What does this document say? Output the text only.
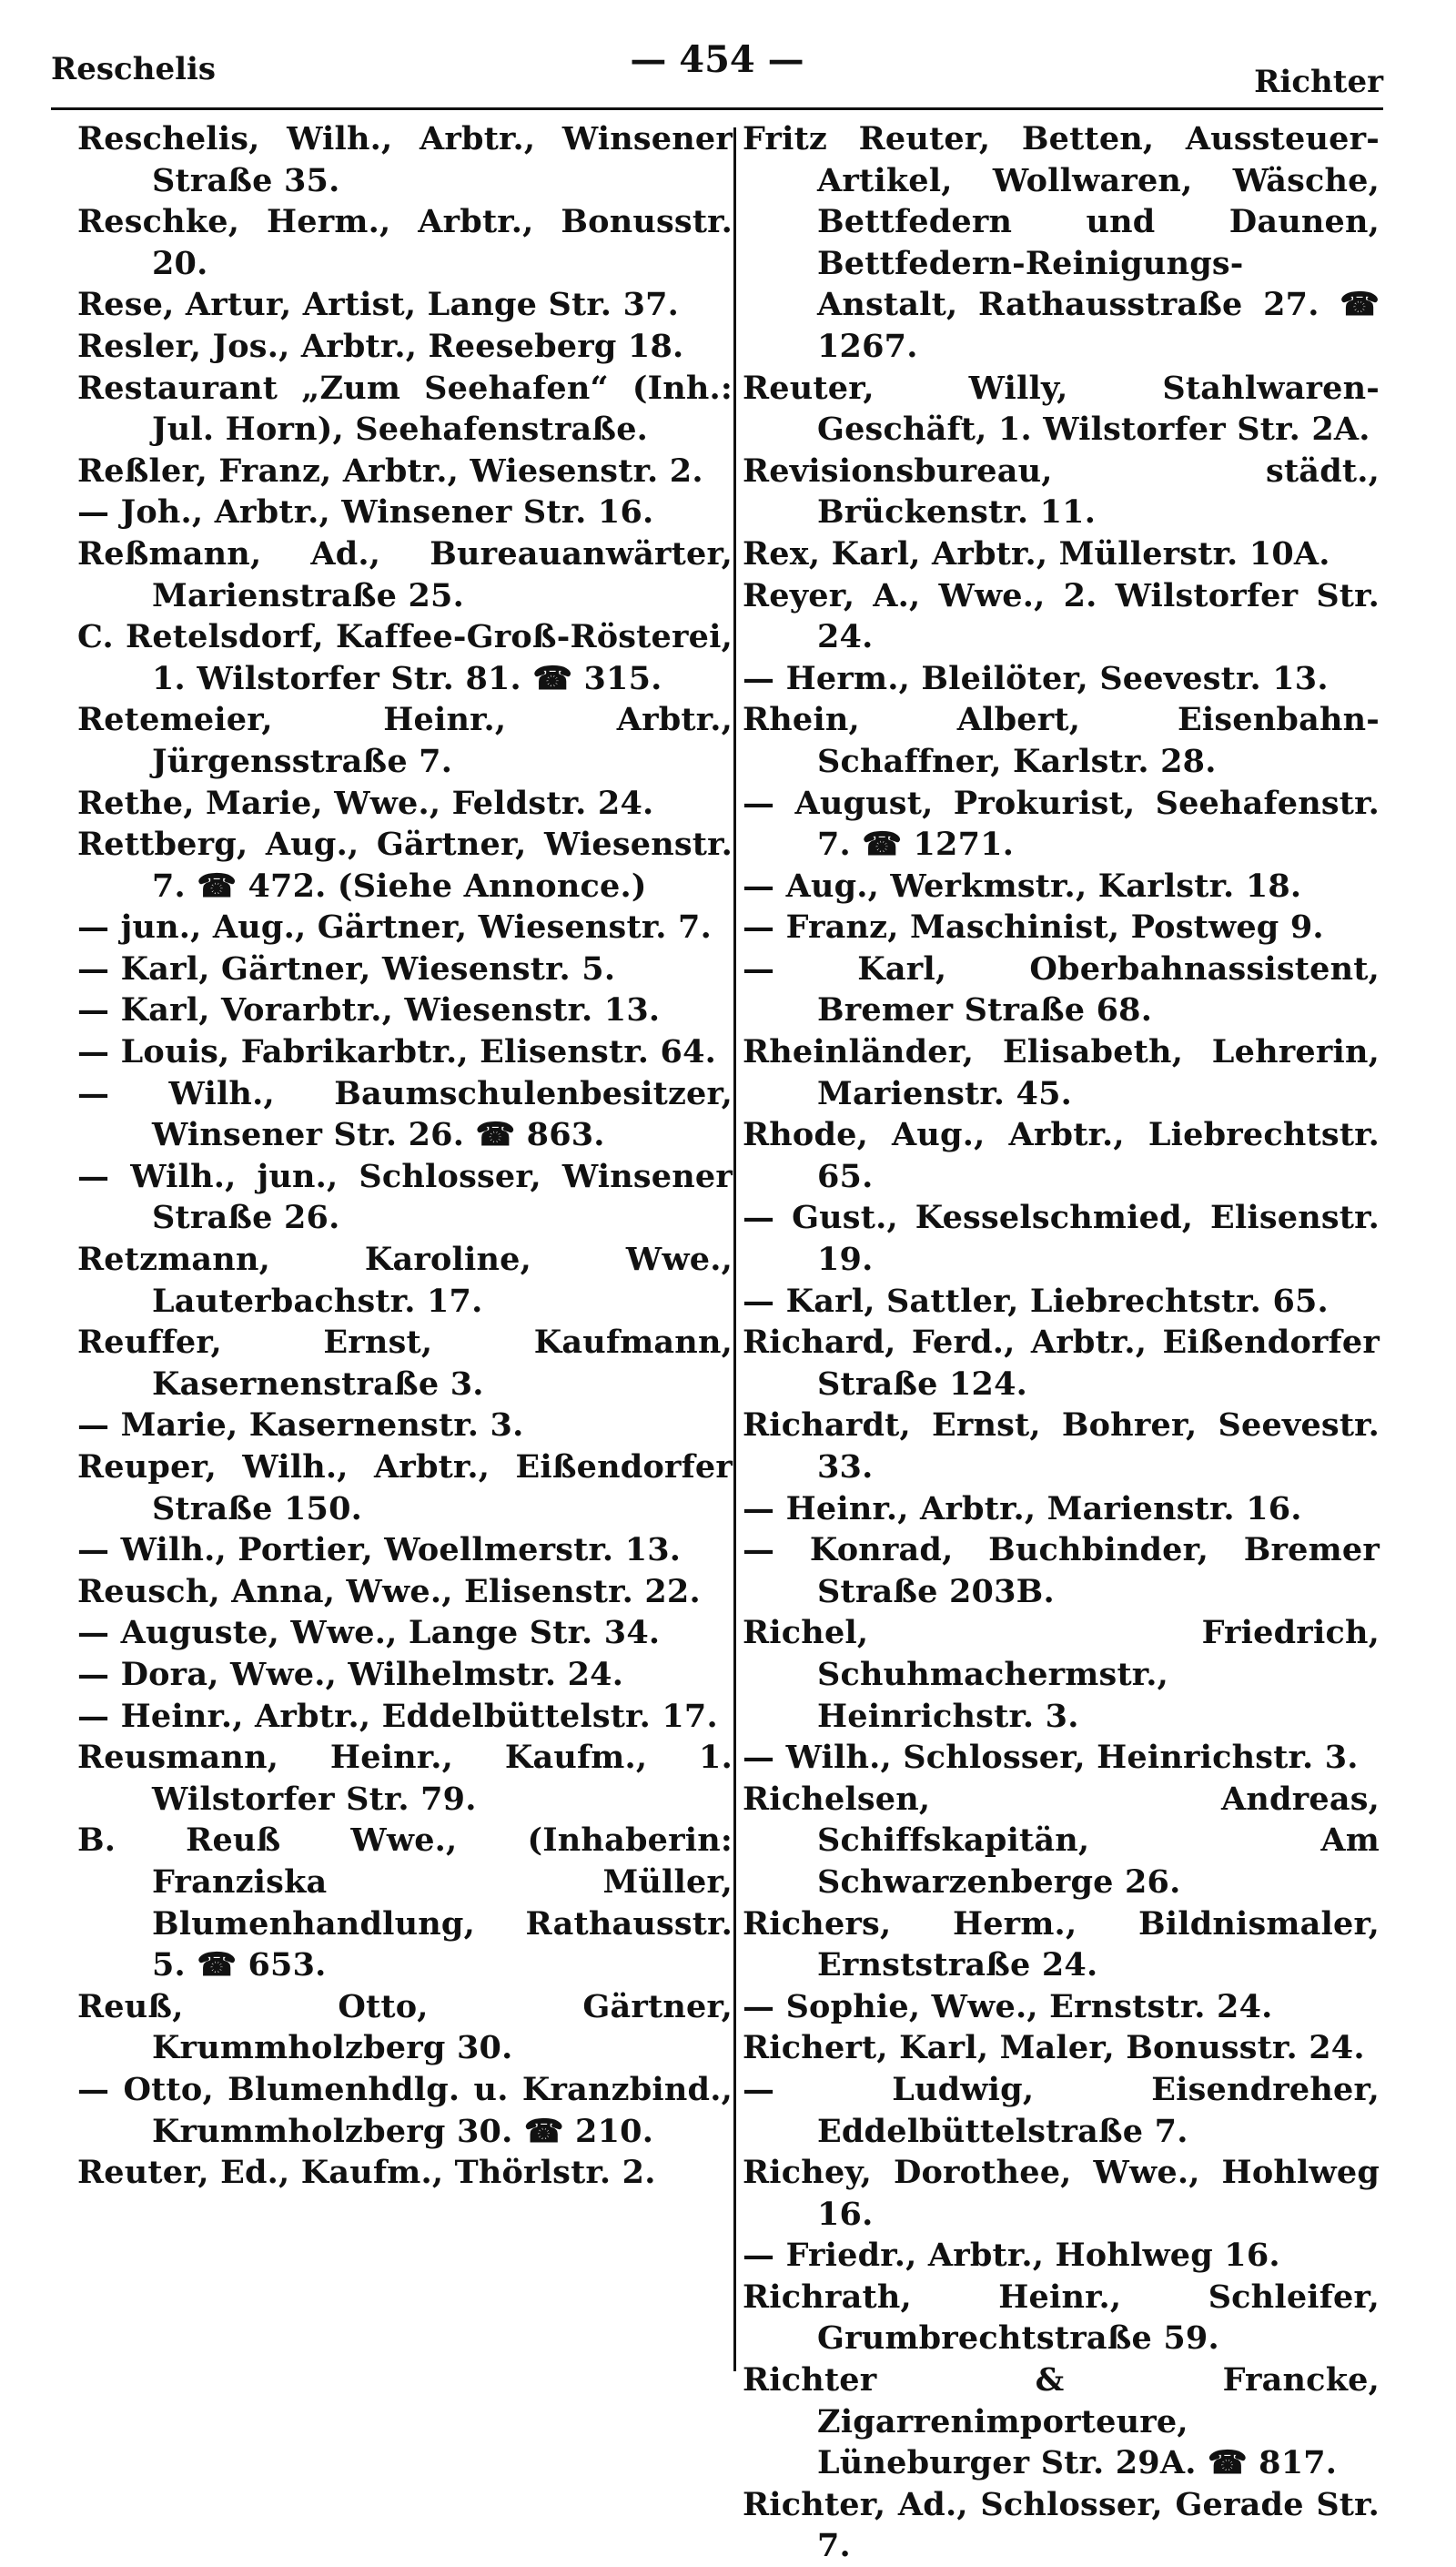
Reschelis	— 454 —
Richter

Reschelis, Wilh., Arbtr., Winsener Straße 35.

Reschke, Herm., Arbtr., Bonusstr. 20.

Rese, Artur, Artist, Lange Str. 37.

Resler, Jos., Arbtr., Reeseberg 18.

Restaurant „Zum Seehafen“ (Inh.: Jul. Horn), Seehafenstraße.

Reßler, Franz, Arbtr., Wiesenstr. 2.

— Joh., Arbtr., Winsener Str. 16.

Reßmann, Ad., Bureauanwärter, Marienstraße 25.

C. Retelsdorf, Kaffee-Groß-Rösterei, 1. Wilstorfer Str. 81. ☎ 315.

Retemeier, Heinr., Arbtr., Jürgensstraße 7.

Rethe, Marie, Wwe., Feldstr. 24.

Rettberg, Aug., Gärtner, Wiesenstr. 7. ☎ 472. (Siehe Annonce.)

— jun., Aug., Gärtner, Wiesenstr. 7.

— Karl, Gärtner, Wiesenstr. 5.

— Karl, Vorarbtr., Wiesenstr. 13.

— Louis, Fabrikarbtr., Elisenstr. 64.

— Wilh., Baumschulenbesitzer, Winsener Str. 26. ☎ 863.

— Wilh., jun., Schlosser, Winsener Straße 26.

Retzmann, Karoline, Wwe., Lauterbachstr. 17.

Reuffer, Ernst, Kaufmann, Kasernenstraße 3.

— Marie, Kasernenstr. 3.

Reuper, Wilh., Arbtr., Eißendorfer Straße 150.

— Wilh., Portier, Woellmerstr. 13.

Reusch, Anna, Wwe., Elisenstr. 22.

— Auguste, Wwe., Lange Str. 34.

— Dora, Wwe., Wilhelmstr. 24.

— Heinr., Arbtr., Eddelbüttelstr. 17.

Reusmann, Heinr., Kaufm., 1. Wilstorfer Str. 79.

B. Reuß Wwe., (Inhaberin: Franziska Müller, Blumenhandlung, Rathausstr. 5. ☎ 653.

Reuß, Otto, Gärtner, Krummholzberg 30.

— Otto, Blumenhdlg. u. Kranzbind., Krummholzberg 30. ☎ 210.

Reuter, Ed., Kaufm., Thörlstr. 2.

Fritz Reuter, Betten, Aussteuer-Artikel, Wollwaren, Wäsche, Bettfedern und Daunen, Bettfedern-Reinigungs-Anstalt, Rathausstraße 27. ☎ 1267.

Reuter, Willy, Stahlwaren-Geschäft, 1. Wilstorfer Str. 2A.

Revisionsbureau, städt., Brückenstr. 11.

Rex, Karl, Arbtr., Müllerstr. 10A.

Reyer, A., Wwe., 2. Wilstorfer Str. 24.

— Herm., Bleilöter, Seevestr. 13.

Rhein, Albert, Eisenbahn-Schaffner, Karlstr. 28.

— August, Prokurist, Seehafenstr. 7. ☎ 1271.

— Aug., Werkmstr., Karlstr. 18.

— Franz, Maschinist, Postweg 9.

— Karl, Oberbahnassistent, Bremer Straße 68.

Rheinländer, Elisabeth, Lehrerin, Marienstr. 45.

Rhode, Aug., Arbtr., Liebrechtstr. 65.

— Gust., Kesselschmied, Elisenstr. 19.

— Karl, Sattler, Liebrechtstr. 65.

Richard, Ferd., Arbtr., Eißendorfer Straße 124.

Richardt, Ernst, Bohrer, Seevestr. 33.

— Heinr., Arbtr., Marienstr. 16.

— Konrad, Buchbinder, Bremer Straße 203B.

Richel, Friedrich, Schuhmachermstr., Heinrichstr. 3.

— Wilh., Schlosser, Heinrichstr. 3.

Richelsen, Andreas, Schiffskapitän, Am Schwarzenberge 26.

Richers, Herm., Bildnismaler, Ernststraße 24.

— Sophie, Wwe., Ernststr. 24.

Richert, Karl, Maler, Bonusstr. 24.

— Ludwig, Eisendreher, Eddelbüttelstraße 7.

Richey, Dorothee, Wwe., Hohlweg 16.

— Friedr., Arbtr., Hohlweg 16.

Richrath, Heinr., Schleifer, Grumbrechtstraße 59.

Richter & Francke, Zigarrenimporteure, Lüneburger Str. 29A. ☎ 817.

Richter, Ad., Schlosser, Gerade Str. 7.
